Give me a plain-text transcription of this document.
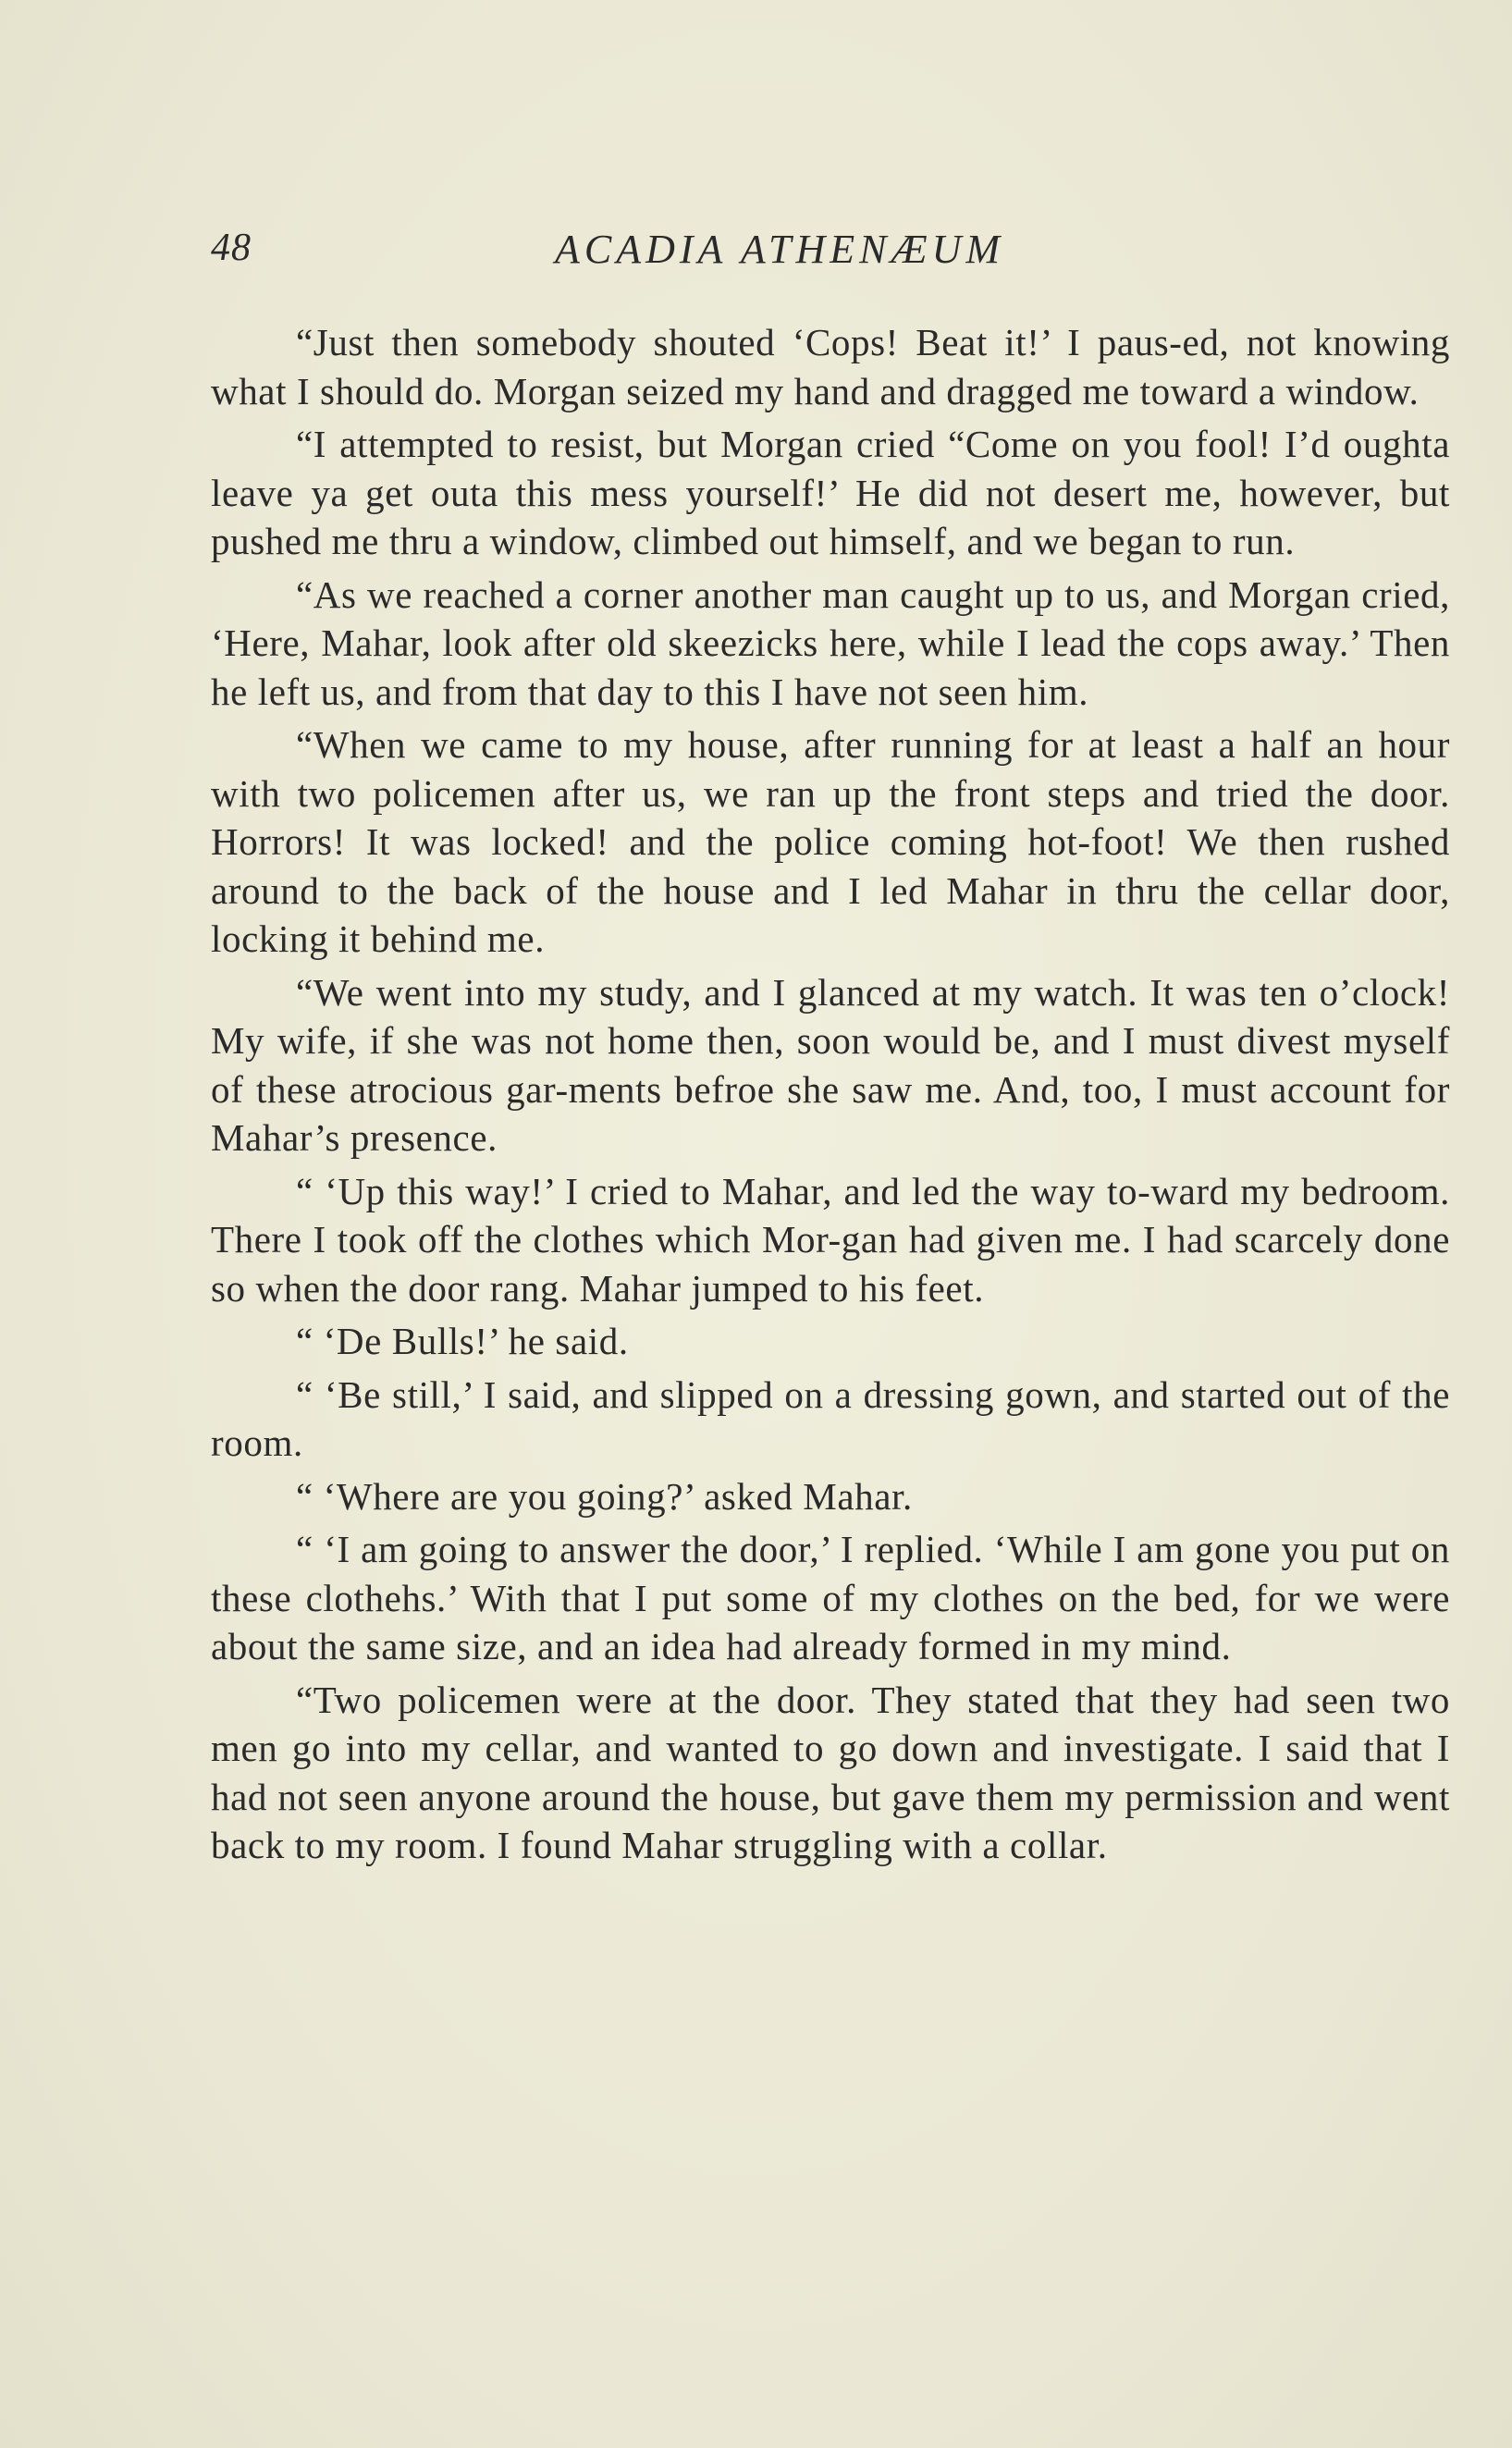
48	ACADIA ATHENÆUM

“Just then somebody shouted ‘Cops! Beat it!’ I paus-ed, not knowing what I should do. Morgan seized my hand and dragged me toward a window.

“I attempted to resist, but Morgan cried “Come on you fool! I’d oughta leave ya get outa this mess yourself!’ He did not desert me, however, but pushed me thru a window, climbed out himself, and we began to run.

“As we reached a corner another man caught up to us, and Morgan cried, ‘Here, Mahar, look after old skeezicks here, while I lead the cops away.’ Then he left us, and from that day to this I have not seen him.

“When we came to my house, after running for at least a half an hour with two policemen after us, we ran up the front steps and tried the door. Horrors! It was locked! and the police coming hot-foot! We then rushed around to the back of the house and I led Mahar in thru the cellar door, locking it behind me.

“We went into my study, and I glanced at my watch. It was ten o’clock! My wife, if she was not home then, soon would be, and I must divest myself of these atrocious gar-ments befroe she saw me. And, too, I must account for Mahar’s presence.

“ ‘Up this way!’ I cried to Mahar, and led the way to-ward my bedroom. There I took off the clothes which Mor-gan had given me. I had scarcely done so when the door rang. Mahar jumped to his feet.

“ ‘De Bulls!’ he said.

“ ‘Be still,’ I said, and slipped on a dressing gown, and started out of the room.

“ ‘Where are you going?’ asked Mahar.

“ ‘I am going to answer the door,’ I replied. ‘While I am gone you put on these clothehs.’ With that I put some of my clothes on the bed, for we were about the same size, and an idea had already formed in my mind.

“Two policemen were at the door. They stated that they had seen two men go into my cellar, and wanted to go down and investigate. I said that I had not seen anyone around the house, but gave them my permission and went back to my room. I found Mahar struggling with a collar.
